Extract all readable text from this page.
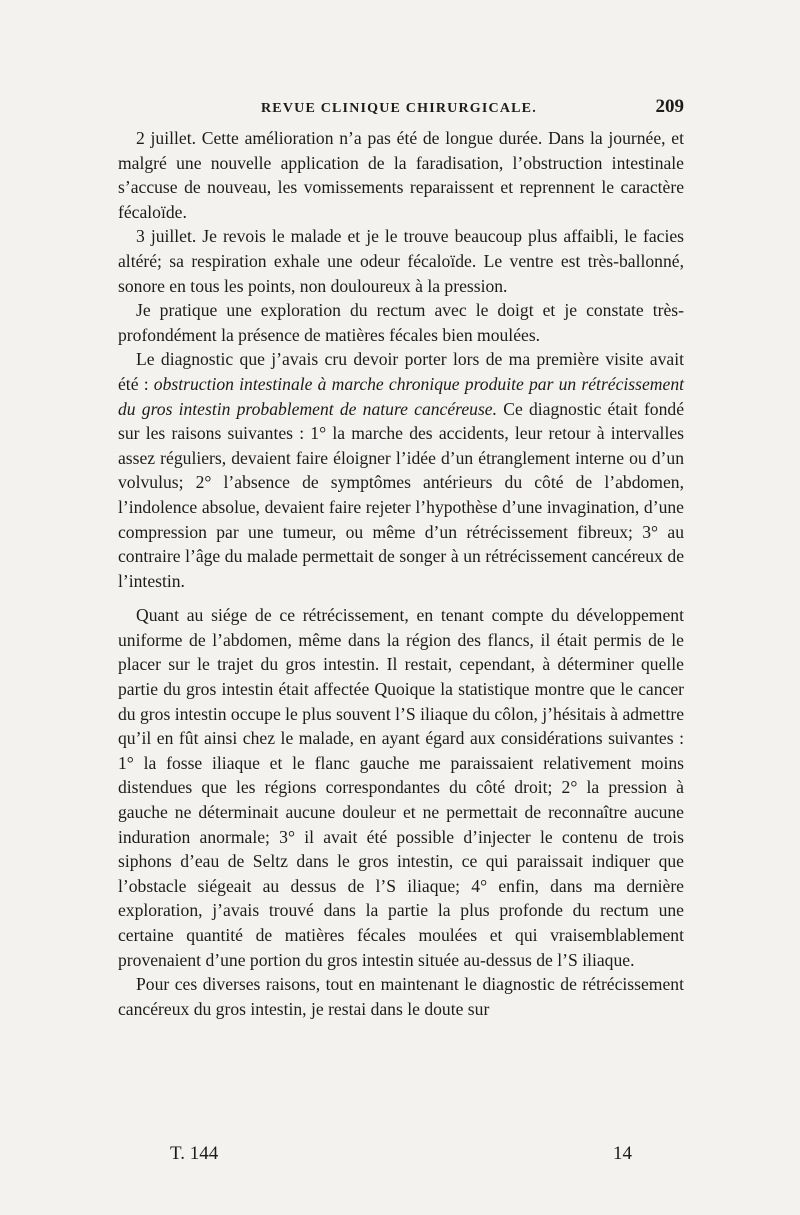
REVUE CLINIQUE CHIRURGICALE.	209

2 juillet. Cette amélioration n’a pas été de longue durée. Dans la journée, et malgré une nouvelle application de la faradisation, l’obstruction intestinale s’accuse de nouveau, les vomissements reparaissent et reprennent le caractère fécaloïde.

3 juillet. Je revois le malade et je le trouve beaucoup plus affaibli, le facies altéré; sa respiration exhale une odeur fécaloïde. Le ventre est très-ballonné, sonore en tous les points, non douloureux à la pression.

Je pratique une exploration du rectum avec le doigt et je constate très-profondément la présence de matières fécales bien moulées.

Le diagnostic que j’avais cru devoir porter lors de ma première visite avait été : obstruction intestinale à marche chronique produite par un rétrécissement du gros intestin probablement de nature cancéreuse. Ce diagnostic était fondé sur les raisons suivantes : 1° la marche des accidents, leur retour à intervalles assez réguliers, devaient faire éloigner l’idée d’un étranglement interne ou d’un volvulus; 2° l’absence de symptômes antérieurs du côté de l’abdomen, l’indolence absolue, devaient faire rejeter l’hypothèse d’une invagination, d’une compression par une tumeur, ou même d’un rétrécissement fibreux; 3° au contraire l’âge du malade permettait de songer à un rétrécissement cancéreux de l’intestin.

Quant au siége de ce rétrécissement, en tenant compte du développement uniforme de l’abdomen, même dans la région des flancs, il était permis de le placer sur le trajet du gros intestin. Il restait, cependant, à déterminer quelle partie du gros intestin était affectée Quoique la statistique montre que le cancer du gros intestin occupe le plus souvent l’S iliaque du côlon, j’hésitais à admettre qu’il en fût ainsi chez le malade, en ayant égard aux considérations suivantes : 1° la fosse iliaque et le flanc gauche me paraissaient relativement moins distendues que les régions correspondantes du côté droit; 2° la pression à gauche ne déterminait aucune douleur et ne permettait de reconnaître aucune induration anormale; 3° il avait été possible d’injecter le contenu de trois siphons d’eau de Seltz dans le gros intestin, ce qui paraissait indiquer que l’obstacle siégeait au dessus de l’S iliaque; 4° enfin, dans ma dernière exploration, j’avais trouvé dans la partie la plus profonde du rectum une certaine quantité de matières fécales moulées et qui vraisemblablement provenaient d’une portion du gros intestin située au-dessus de l’S iliaque.

Pour ces diverses raisons, tout en maintenant le diagnostic de rétrécissement cancéreux du gros intestin, je restai dans le doute sur

T. 144	14
